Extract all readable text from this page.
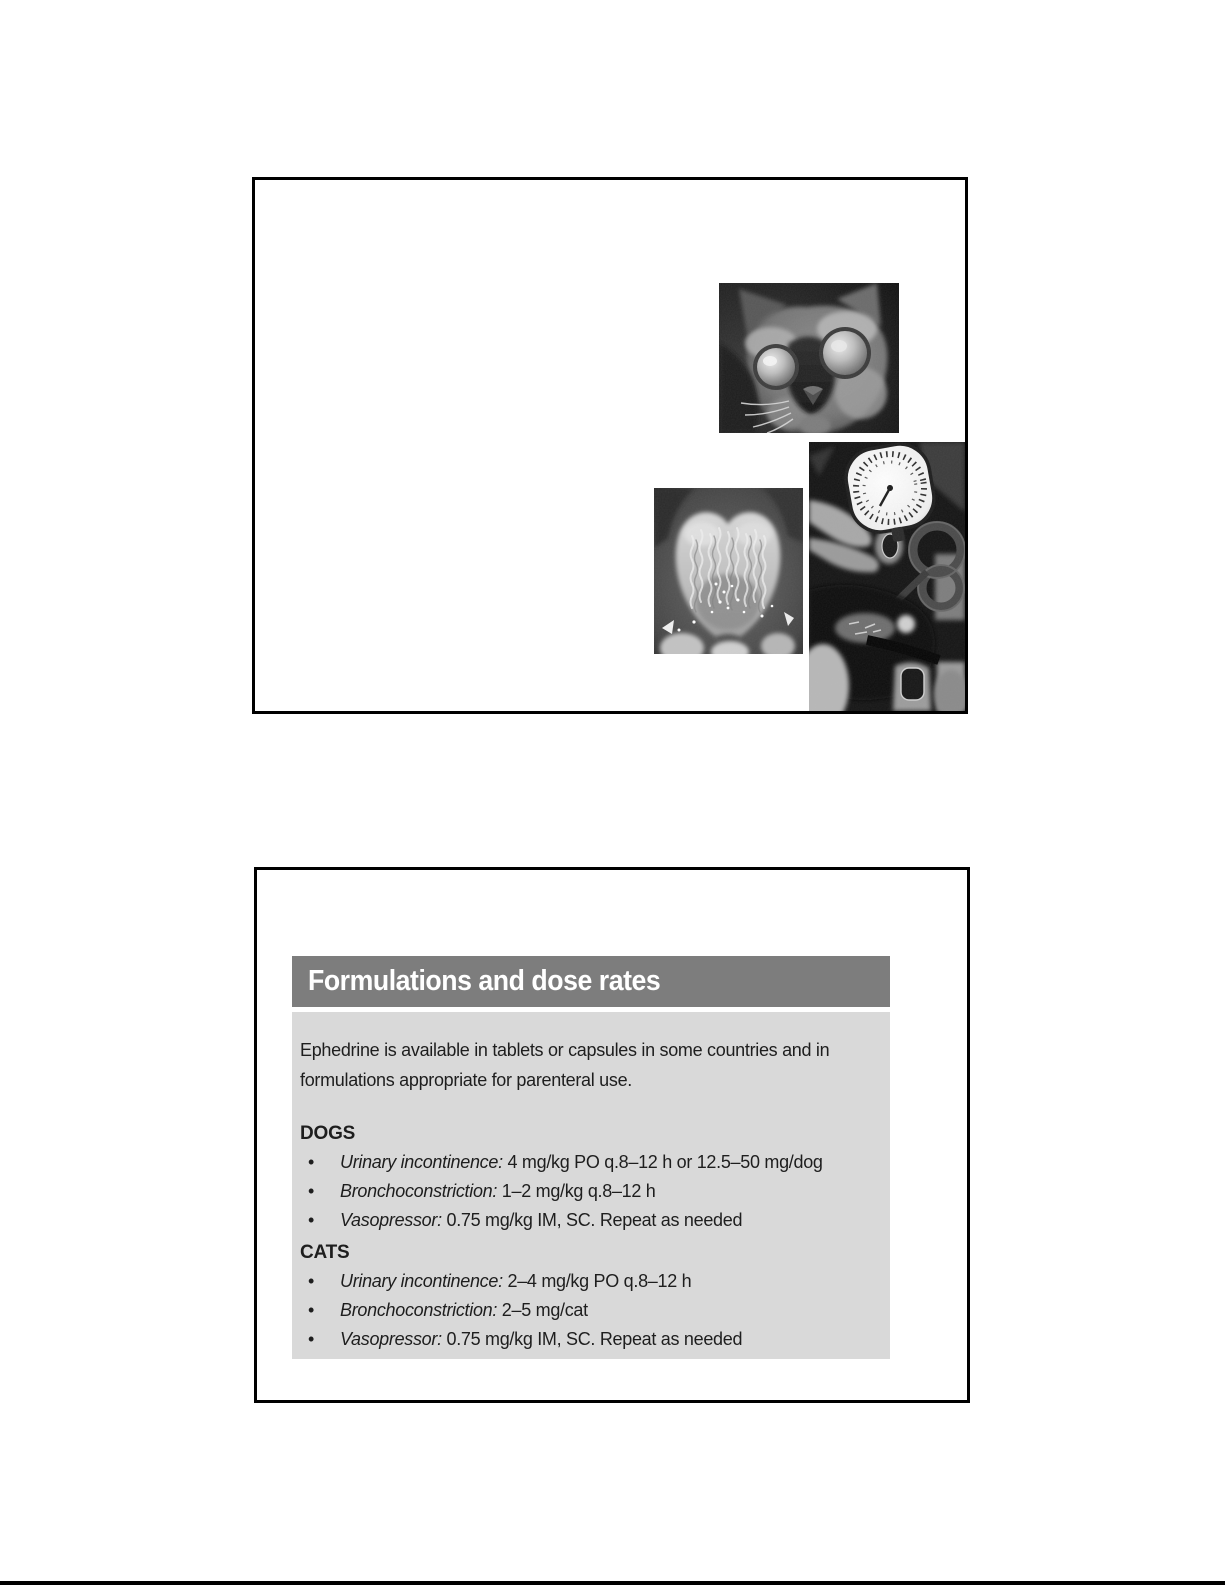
Formulations and dose rates
Ephedrine is available in tablets or capsules in some countries and in
formulations appropriate for parenteral use.
DOGS
• Urinary incontinence: 4 mg/kg PO q.8–12 h or 12.5–50 mg/dog
• Bronchoconstriction: 1–2 mg/kg q.8–12 h
• Vasopressor: 0.75 mg/kg IM, SC. Repeat as needed
CATS
• Urinary incontinence: 2–4 mg/kg PO q.8–12 h
• Bronchoconstriction: 2–5 mg/cat
• Vasopressor: 0.75 mg/kg IM, SC. Repeat as needed
